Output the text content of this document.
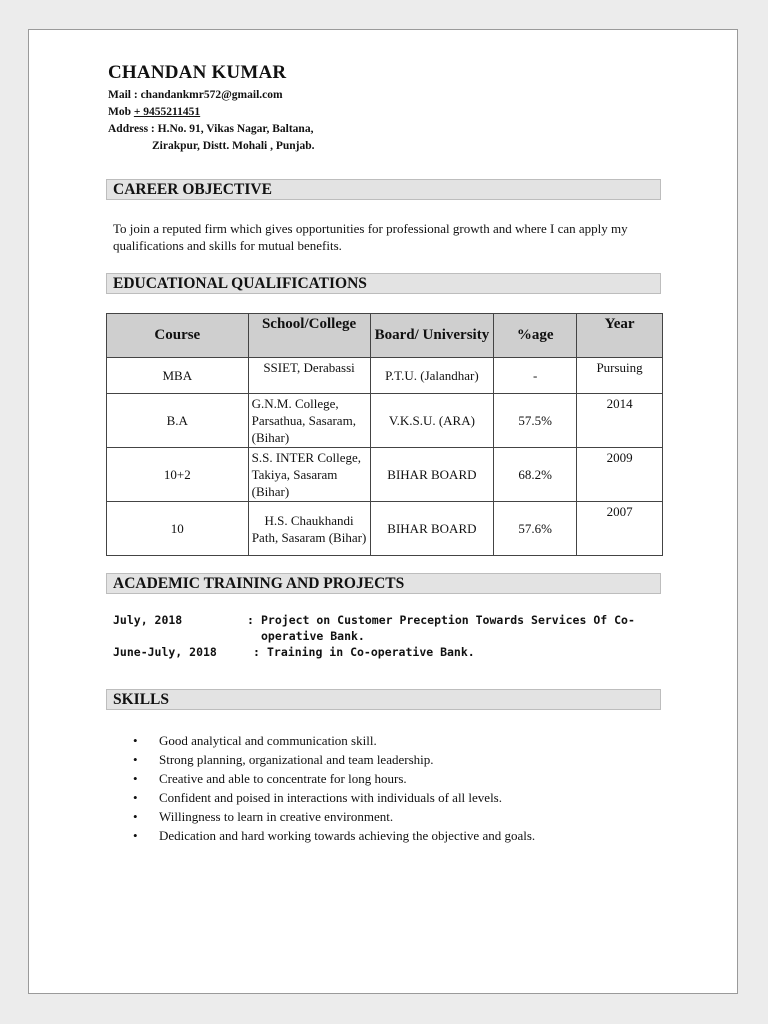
CHANDAN KUMAR
Mail : chandankmr572@gmail.com
Mob + 9455211451
Address : H.No. 91, Vikas Nagar, Baltana,
Zirakpur, Distt. Mohali , Punjab.
CAREER OBJECTIVE
To join a reputed firm which gives opportunities for professional growth and where I can apply my qualifications and skills for mutual benefits.
EDUCATIONAL QUALIFICATIONS
Course	School/College	Board/ University	%age	Year
MBA	SSIET, Derabassi	P.T.U. (Jalandhar)	-	Pursuing
B.A	G.N.M. College, Parsathua, Sasaram, (Bihar)	V.K.S.U. (ARA)	57.5%	2014
10+2	S.S. INTER College, Takiya, Sasaram (Bihar)	BIHAR BOARD	68.2%	2009
10	H.S. Chaukhandi Path, Sasaram (Bihar)	BIHAR BOARD	57.6%	2007
ACADEMIC TRAINING AND PROJECTS
July, 2018	: Project on Customer Preception Towards Services Of Co-operative Bank.
June-July, 2018	: Training in Co-operative Bank.
SKILLS
• Good analytical and communication skill.
• Strong planning, organizational and team leadership.
• Creative and able to concentrate for long hours.
• Confident and poised in interactions with individuals of all levels.
• Willingness to learn in creative environment.
• Dedication and hard working towards achieving the objective and goals.
